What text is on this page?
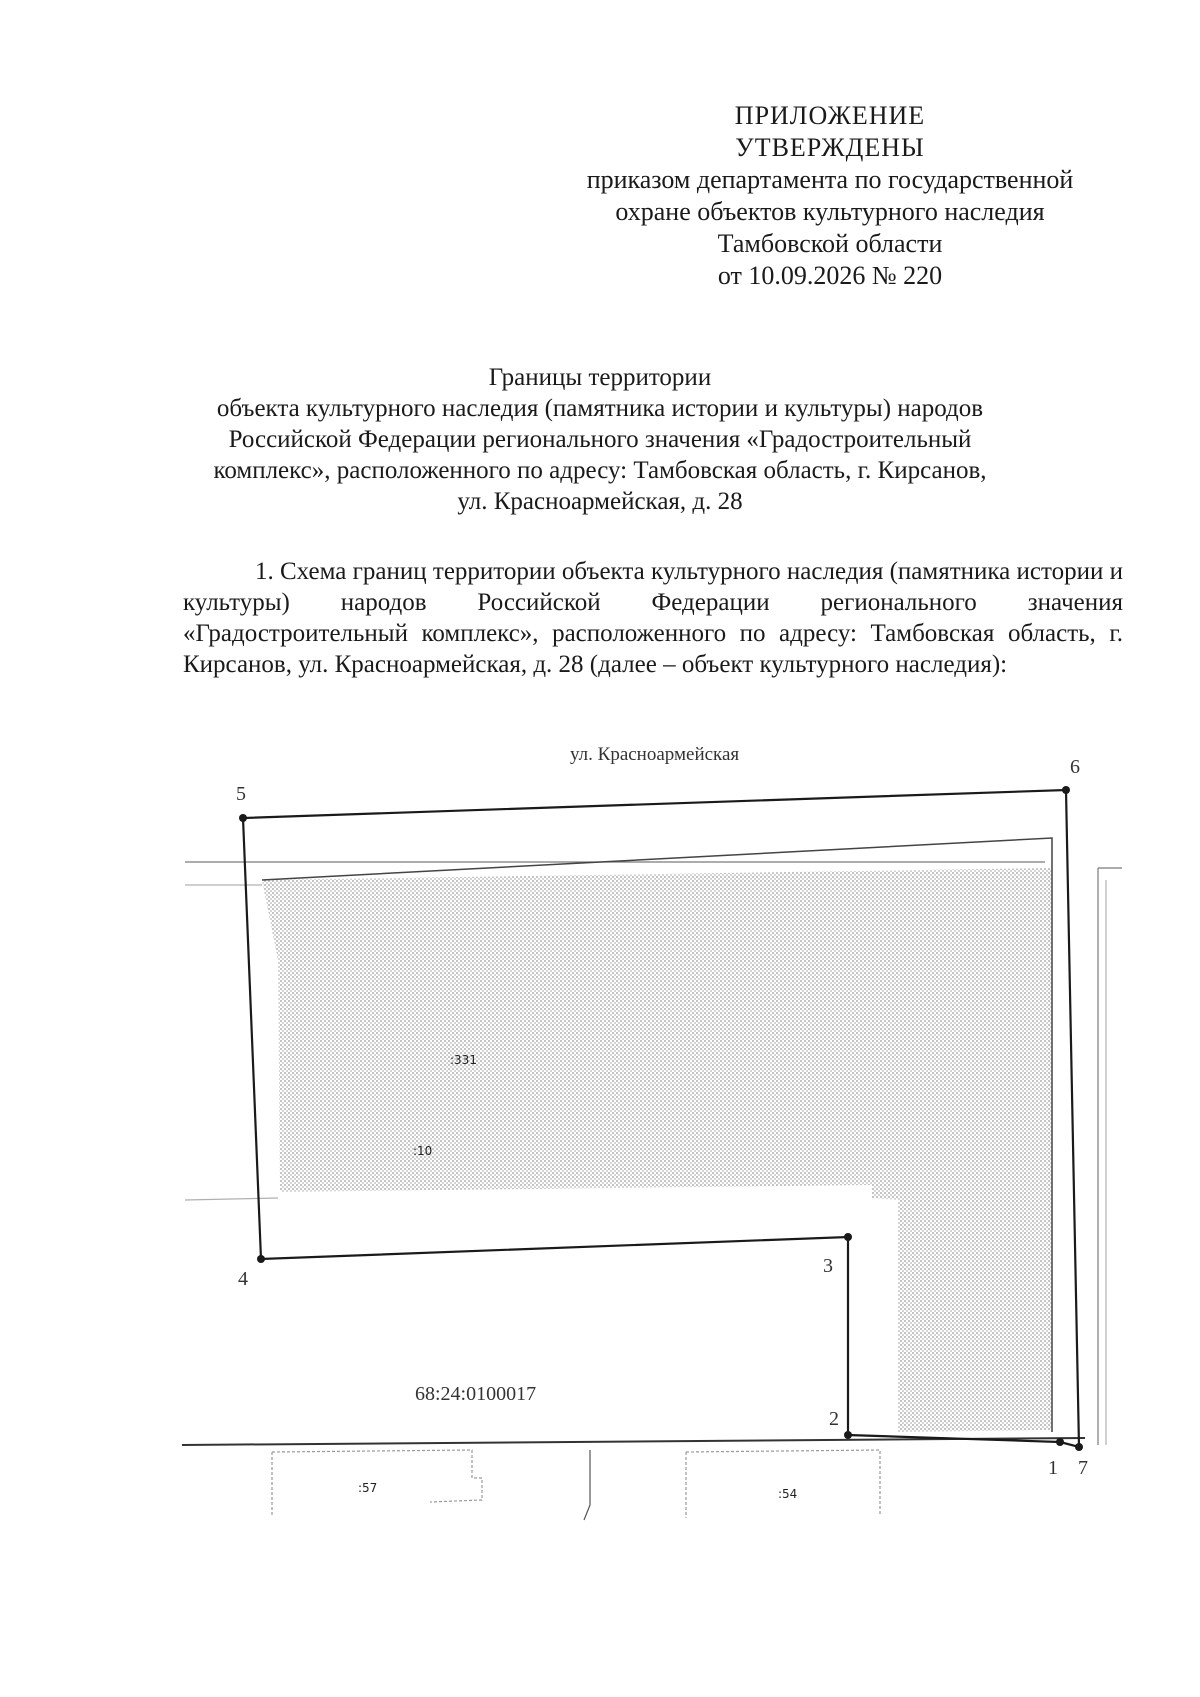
ПРИЛОЖЕНИЕ
УТВЕРЖДЕНЫ
приказом департамента по государственной
охране объектов культурного наследия
Тамбовской области
от 10.09.2026 № 220
Границы территории
объекта культурного наследия (памятника истории и культуры) народов
Российской Федерации регионального значения «Градостроительный
комплекс», расположенного по адресу: Тамбовская область, г. Кирсанов,
ул. Красноармейская, д. 28
1. Схема границ территории объекта культурного наследия (памятника истории и культуры) народов Российской Федерации регионального значения «Градостроительный комплекс», расположенного по адресу: Тамбовская область, г. Кирсанов, ул. Красноармейская, д. 28 (далее – объект культурного наследия):
1
2
3
4
5
6
7
ул. Красноармейская
68:24:0100017
:331
:10
:57	:54
